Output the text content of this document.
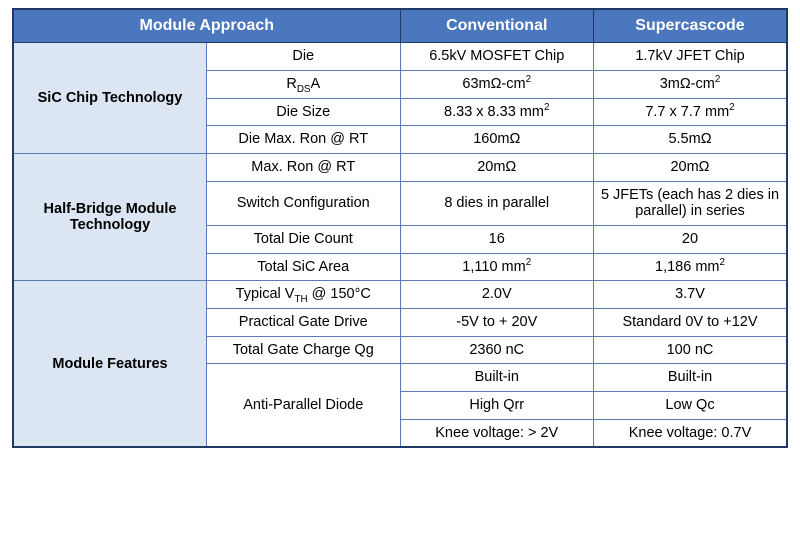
Module Approach		Conventional	Supercascode
SiC Chip Technology	Die	6.5kV MOSFET Chip	1.7kV JFET Chip
	$R_{DS}A$	$63m\Omega-cm^2$	$3m\Omega-cm^2$
	Die Size	8.33 x 8.33 $mm^2$	7.7 x 7.7 $mm^2$
	Die Max. Ron @ RT	160mΩ	5.5mΩ
Half-Bridge Module Technology	Max. Ron @ RT	20mΩ	20mΩ
	Switch Configuration	8 dies in parallel	5 JFETs (each has 2 dies in parallel) in series
	Total Die Count	16	20
	Total SiC Area	1,110 $mm^2$	1,186 $mm^2$
Module Features	Typical $V_{TH}$ @ 150°C	2.0V	3.7V
	Practical Gate Drive	-5V to + 20V	Standard 0V to +12V
	Total Gate Charge Qg	2360 nC	100 nC
	Anti-Parallel Diode	Built-in	Built-in
		High Qrr	Low Qc
		Knee voltage: > 2V	Knee voltage: 0.7V
